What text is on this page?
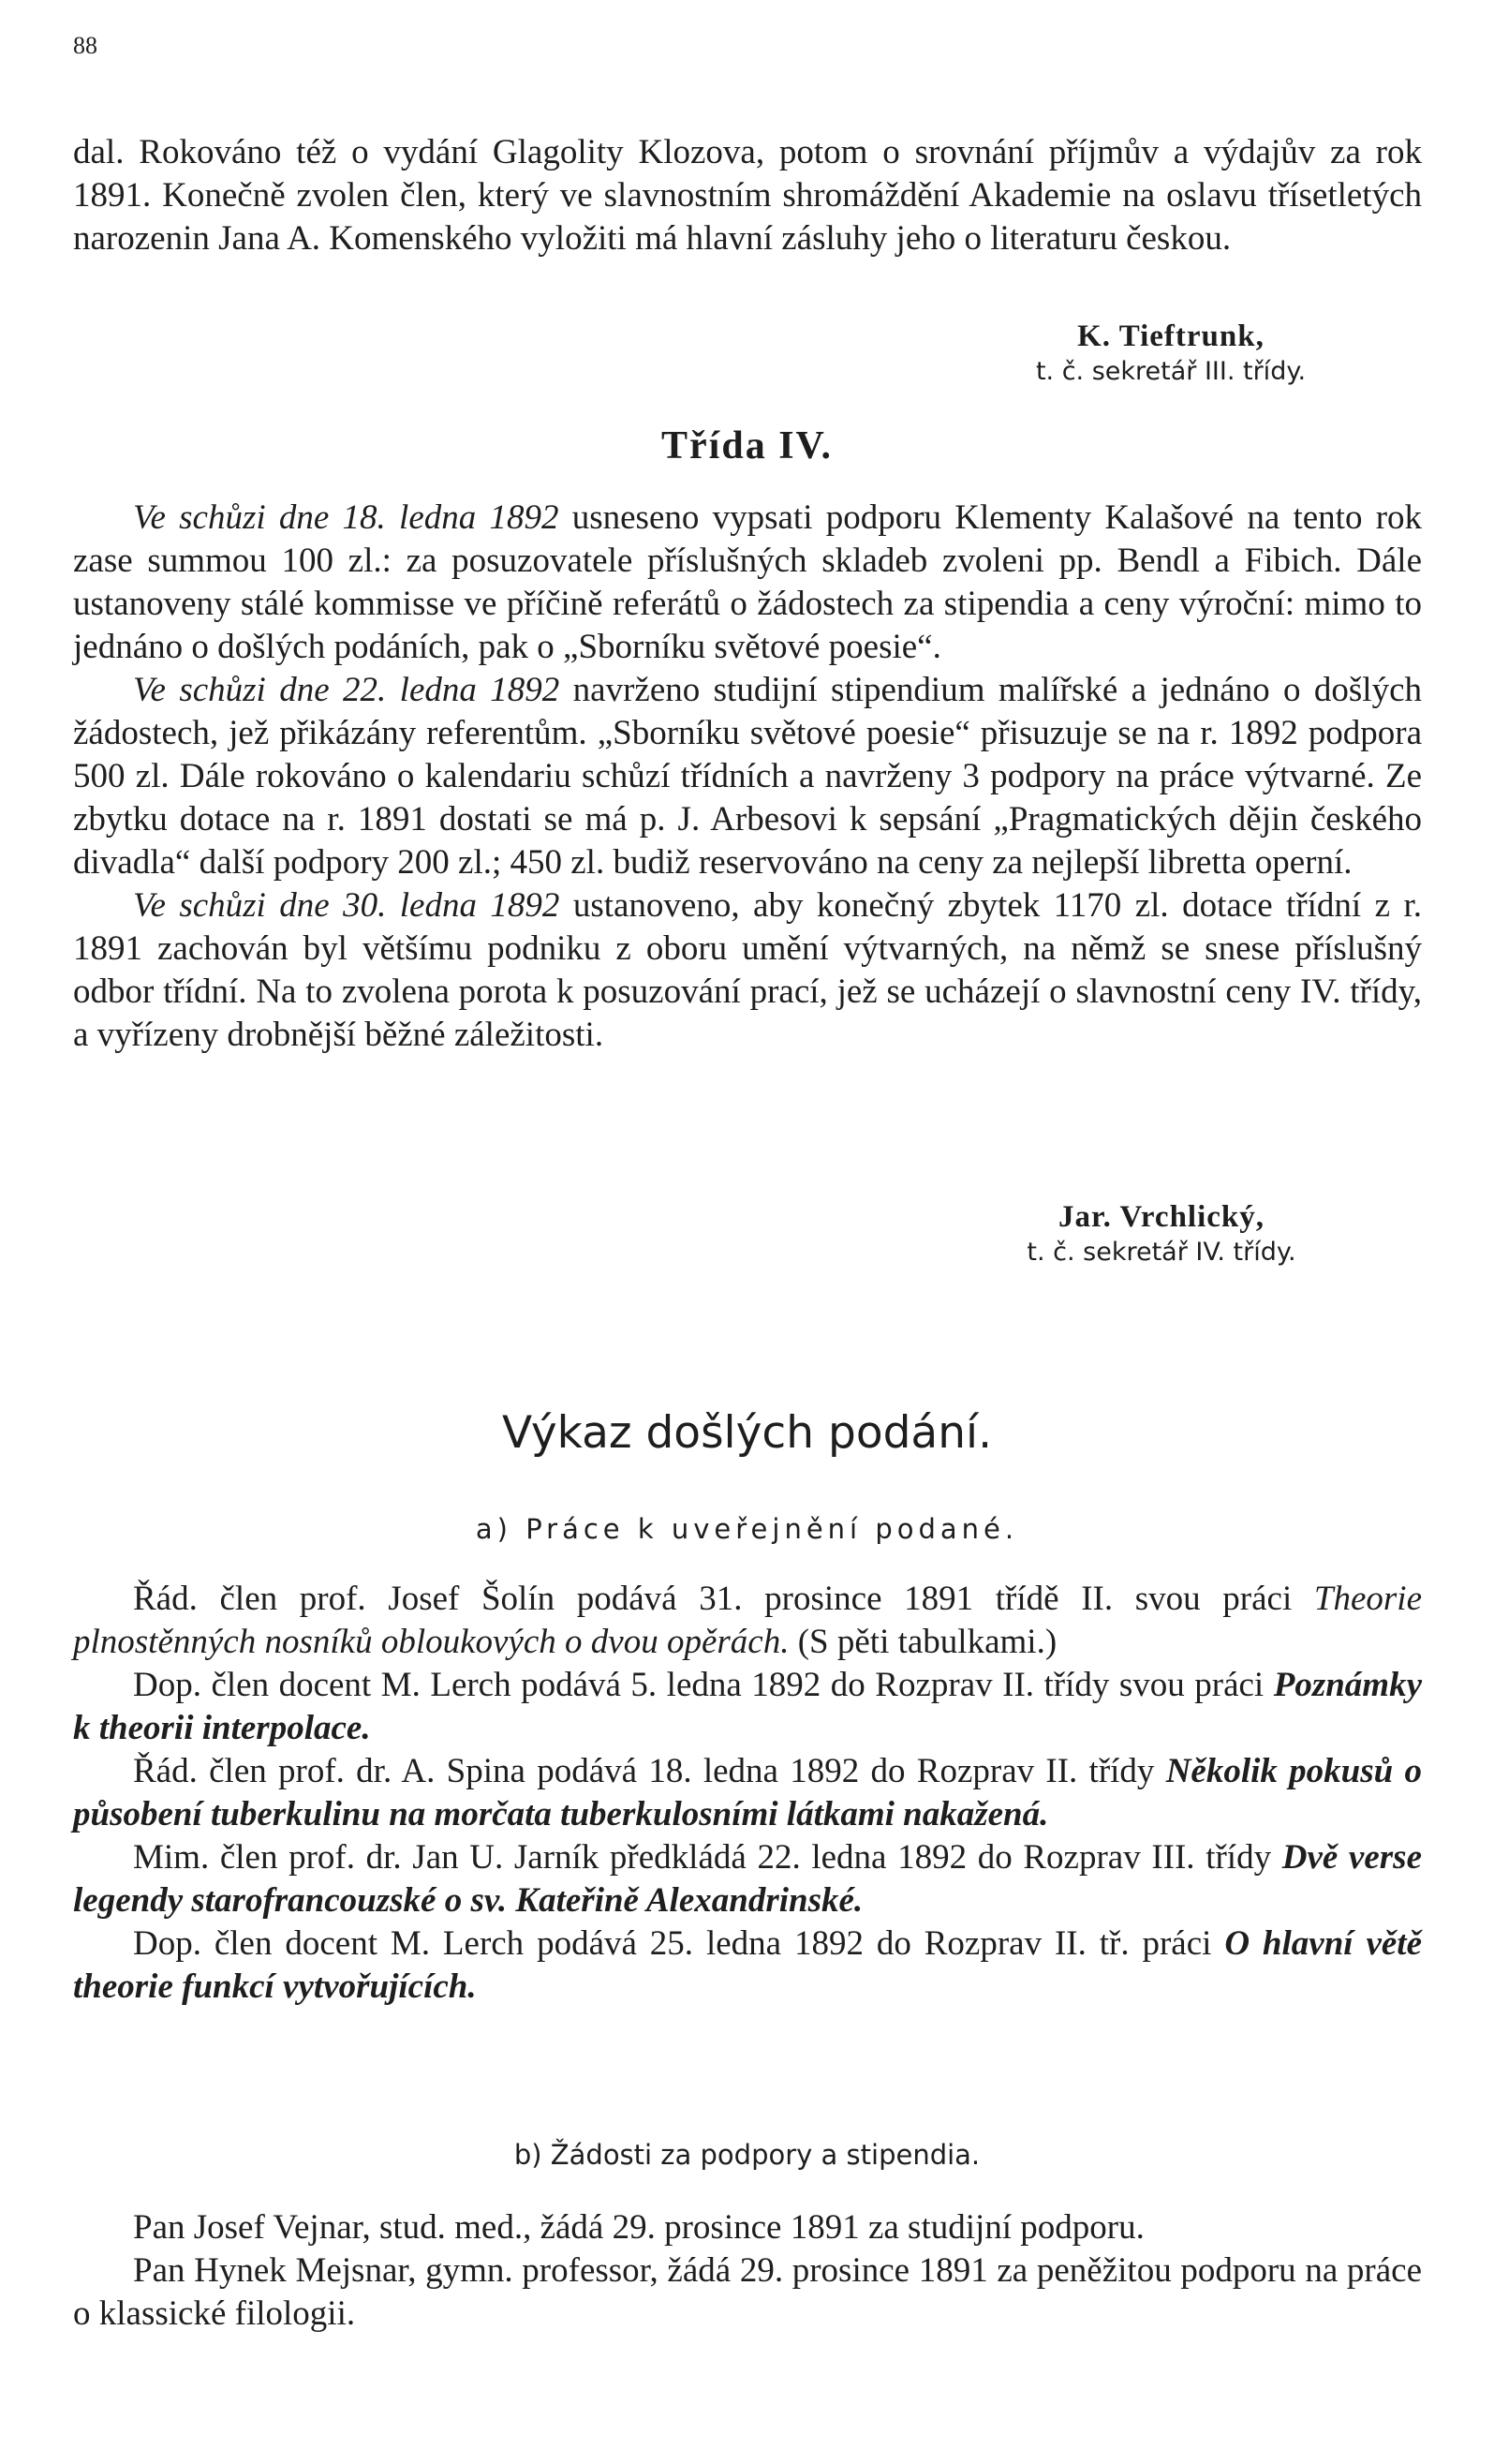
88

dal. Rokováno též o vydání Glagolity Klozova, potom o srovnání příjmův a výdajův za rok 1891. Konečně zvolen člen, který ve slavnostním shromáždění Akademie na oslavu třísetletých narozenin Jana A. Komenského vyložiti má hlavní zásluhy jeho o literaturu českou.

K. Tieftrunk,
t. č. sekretář III. třídy.
Třída IV.

Ve schůzi dne 18. ledna 1892 usneseno vypsati podporu Klementy Kalašové na tento rok zase summou 100 zl.: za posuzovatele příslušných skladeb zvoleni pp. Bendl a Fibich. Dále ustanoveny stálé kommisse ve příčině referátů o žádostech za stipendia a ceny výroční: mimo to jednáno o došlých podáních, pak o „Sborníku světové poesie“.

Ve schůzi dne 22. ledna 1892 navrženo studijní stipendium malířské a jednáno o došlých žádostech, jež přikázány referentům. „Sborníku světové poesie“ přisuzuje se na r. 1892 podpora 500 zl. Dále rokováno o kalendariu schůzí třídních a navrženy 3 podpory na práce výtvarné. Ze zbytku dotace na r. 1891 dostati se má p. J. Arbesovi k sepsání „Pragmatických dějin českého divadla“ další podpory 200 zl.; 450 zl. budiž reservováno na ceny za nejlepší libretta operní.

Ve schůzi dne 30. ledna 1892 ustanoveno, aby konečný zbytek 1170 zl. dotace třídní z r. 1891 zachován byl většímu podniku z oboru umění výtvarných, na němž se snese příslušný odbor třídní. Na to zvolena porota k posuzování prací, jež se ucházejí o slavnostní ceny IV. třídy, a vyřízeny drobnější běžné záležitosti.

Jar. Vrchlický,
t. č. sekretář IV. třídy.
Výkaz došlých podání.
a) Práce k uveřejnění podané.

Řád. člen prof. Josef Šolín podává 31. prosince 1891 třídě II. svou práci Theorie plnostěnných nosníků obloukových o dvou opěrách. (S pěti tabulkami.)

Dop. člen docent M. Lerch podává 5. ledna 1892 do Rozprav II. třídy svou práci Poznámky k theorii interpolace.

Řád. člen prof. dr. A. Spina podává 18. ledna 1892 do Rozprav II. třídy Několik pokusů o působení tuberkulinu na morčata tuberkulosními látkami nakažená.

Mim. člen prof. dr. Jan U. Jarník předkládá 22. ledna 1892 do Rozprav III. třídy Dvě verse legendy starofrancouzské o sv. Kateřině Alexandrinské.

Dop. člen docent M. Lerch podává 25. ledna 1892 do Rozprav II. tř. práci O hlavní větě theorie funkcí vytvořujících.

b) Žádosti za podpory a stipendia.

Pan Josef Vejnar, stud. med., žádá 29. prosince 1891 za studijní podporu.

Pan Hynek Mejsnar, gymn. professor, žádá 29. prosince 1891 za peněžitou podporu na práce o klassické filologii.
